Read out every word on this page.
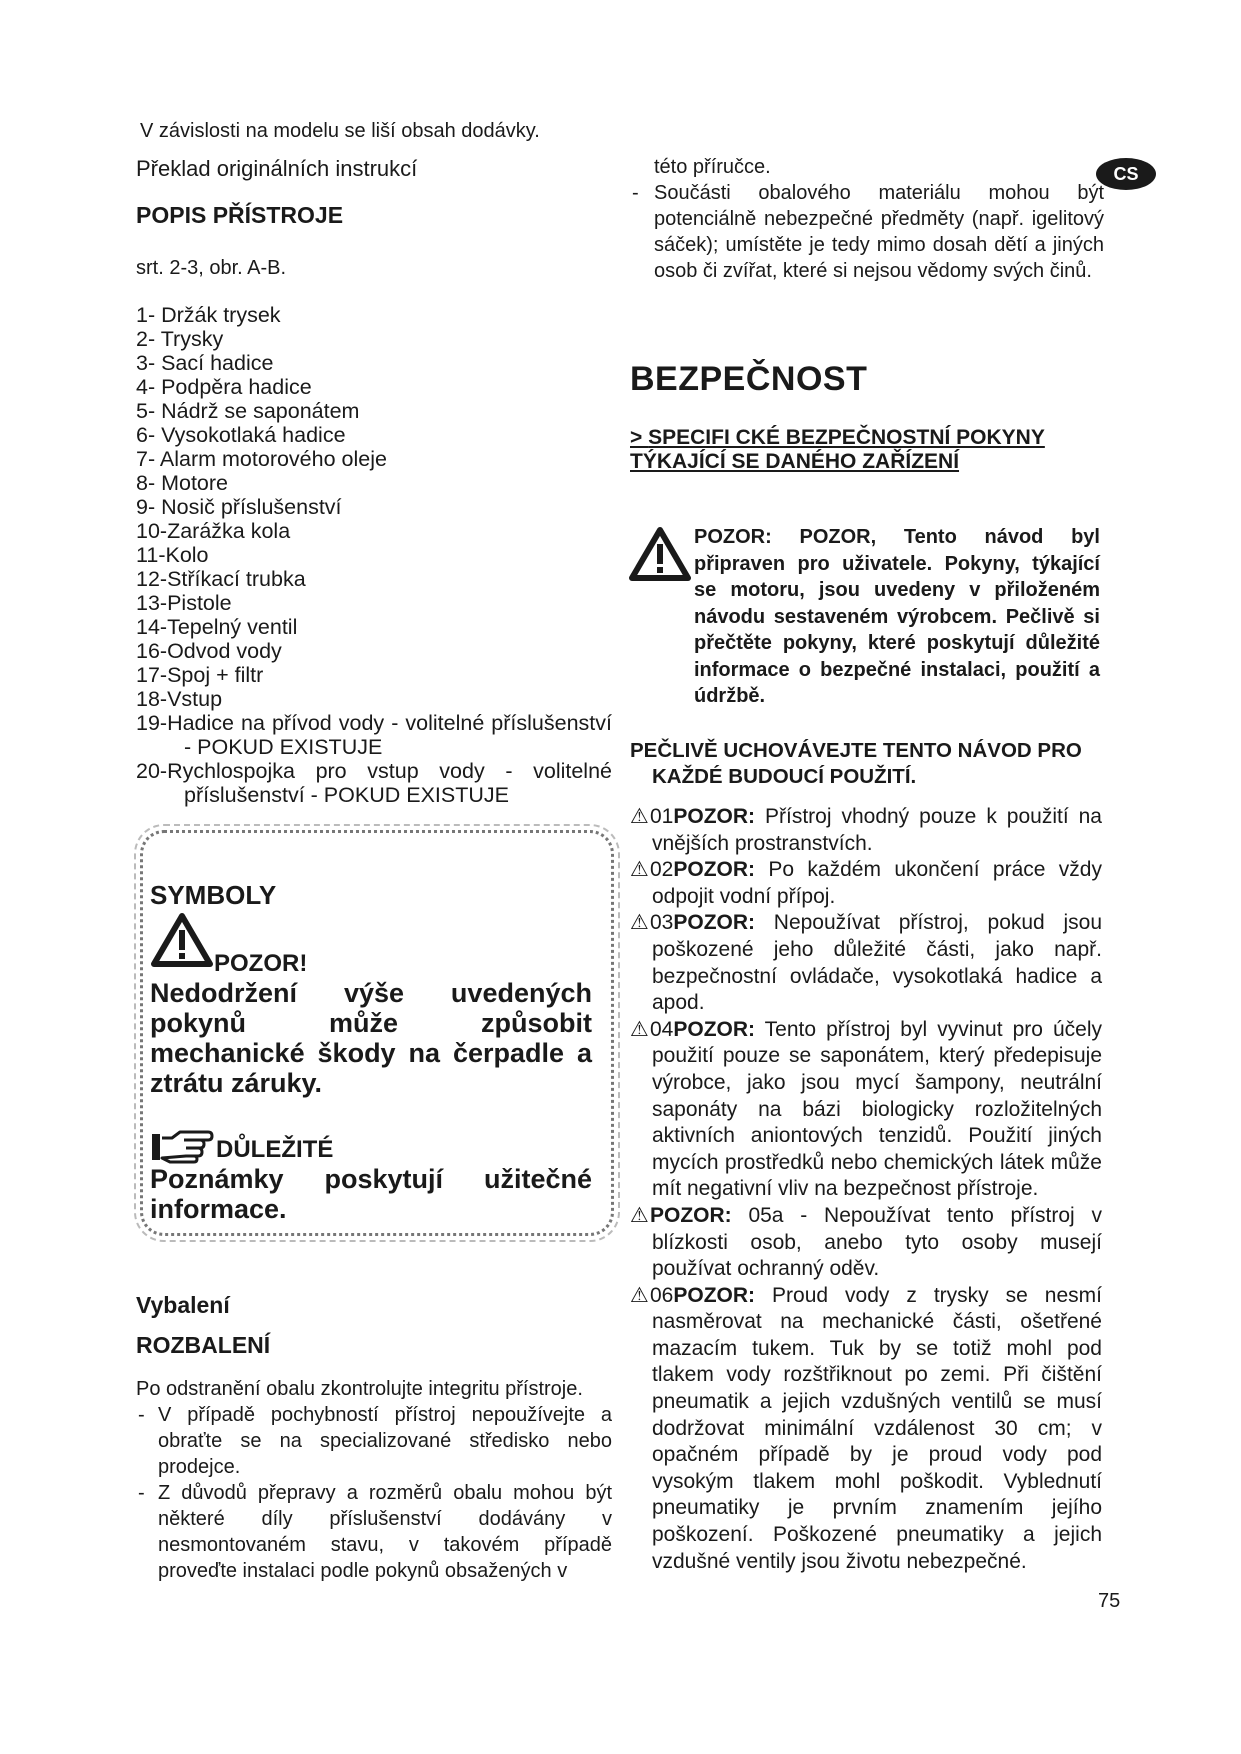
V závislosti na modelu se liší obsah dodávky.
Překlad originálních instrukcí
POPIS PŘÍSTROJE
srt. 2-3, obr. A-B.
1- Držák trysek
2- Trysky
3- Sací hadice
4- Podpěra hadice
5- Nádrž se saponátem
6- Vysokotlaká hadice
7- Alarm motorového oleje
8- Motore
9- Nosič příslušenství
10-Zarážka kola
11-Kolo
12-Stříkací trubka
13-Pistole
14-Tepelný ventil
16-Odvod vody
17-Spoj + filtr
18-Vstup
19-Hadice na přívod vody - volitelné příslušenství - POKUD EXISTUJE
20-Rychlospojka pro vstup vody - volitelné příslušenství - POKUD EXISTUJE
SYMBOLY
POZOR!
Nedodržení výše uvedených pokynů může způsobit mechanické škody na čerpadle a ztrátu záruky.
DŮLEŽITÉ
Poznámky poskytují užitečné informace.
Vybalení
ROZBALENÍ
Po odstranění obalu zkontrolujte integritu přístroje.
- V případě pochybností přístroj nepoužívejte a obraťte se na specializované středisko nebo prodejce.
- Z důvodů přepravy a rozměrů obalu mohou být některé díly příslušenství dodávány v nesmontovaném stavu, v takovém případě proveďte instalaci podle pokynů obsažených v
této příručce.
- Součásti obalového materiálu mohou být potenciálně nebezpečné předměty (např. igelitový sáček); umístěte je tedy mimo dosah dětí a jiných osob či zvířat, které si nejsou vědomy svých činů.
CS
BEZPEČNOST
> SPECIFI CKÉ BEZPEČNOSTNÍ POKYNY TÝKAJÍCÍ SE DANÉHO ZAŘÍZENÍ
POZOR: POZOR, Tento návod byl připraven pro uživatele. Pokyny, týkající se motoru, jsou uvedeny v přiloženém návodu sestaveném výrobcem. Pečlivě si přečtěte pokyny, které poskytují důležité informace o bezpečné instalaci, použití a údržbě.
PEČLIVĚ UCHOVÁVEJTE TENTO NÁVOD PRO
KAŽDÉ BUDOUCÍ POUŽITÍ.
⚠01POZOR: Přístroj vhodný pouze k použití na vnějších prostranstvích.
⚠02POZOR: Po každém ukončení práce vždy odpojit vodní přípoj.
⚠03POZOR: Nepoužívat přístroj, pokud jsou poškozené jeho důležité části, jako např. bezpečnostní ovládače, vysokotlaká hadice a apod.
⚠04POZOR: Tento přístroj byl vyvinut pro účely použití pouze se saponátem, který předepisuje výrobce, jako jsou mycí šampony, neutrální saponáty na bázi biologicky rozložitelných aktivních aniontových tenzidů. Použití jiných mycích prostředků nebo chemických látek může mít negativní vliv na bezpečnost přístroje.
⚠POZOR: 05a - Nepoužívat tento přístroj v blízkosti osob, anebo tyto osoby musejí používat ochranný oděv.
⚠06POZOR: Proud vody z trysky se nesmí nasměrovat na mechanické části, ošetřené mazacím tukem. Tuk by se totiž mohl pod tlakem vody rozštřiknout po zemi. Při čištění pneumatik a jejich vzdušných ventilů se musí dodržovat minimální vzdálenost 30 cm; v opačném případě by je proud vody pod vysokým tlakem mohl poškodit. Vyblednutí pneumatiky je prvním znamením jejího poškození. Poškozené pneumatiky a jejich vzdušné ventily jsou životu nebezpečné.
75
